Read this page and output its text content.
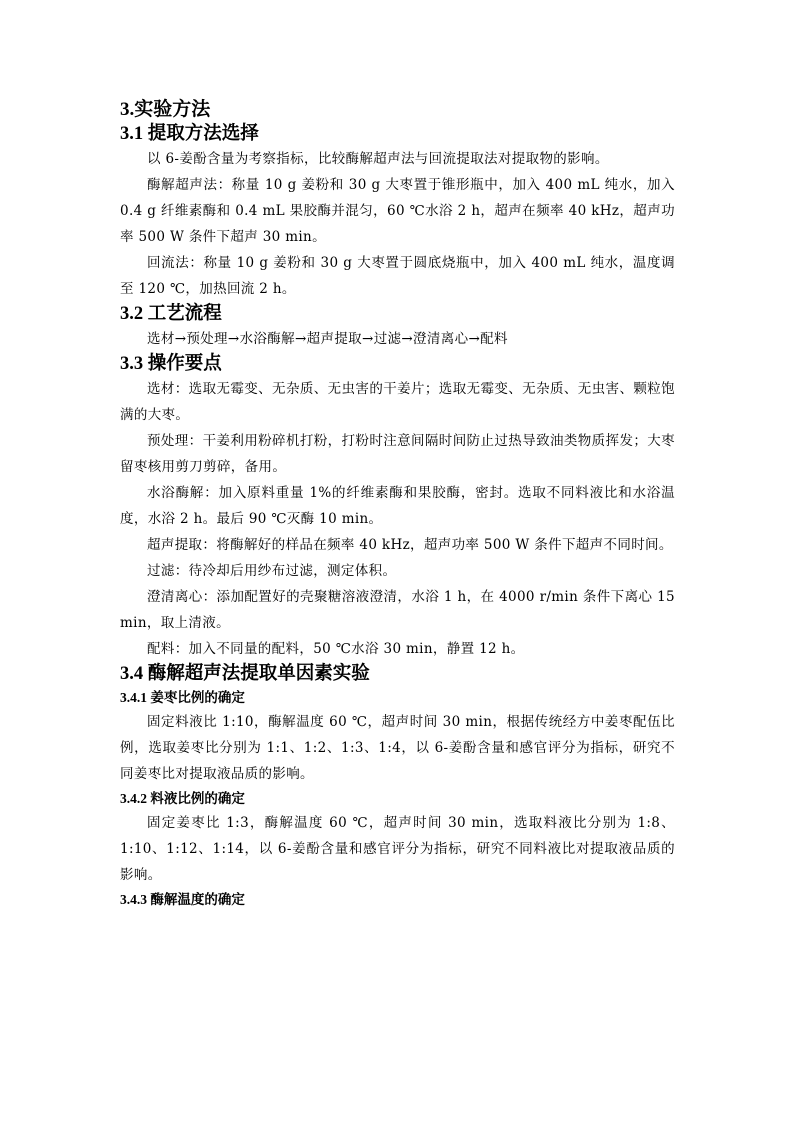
3.实验方法
3.1 提取方法选择

以 6-姜酚含量为考察指标，比较酶解超声法与回流提取法对提取物的影响。

酶解超声法：称量 10 g 姜粉和 30 g 大枣置于锥形瓶中，加入 400 mL 纯水，加入 0.4 g 纤维素酶和 0.4 mL 果胶酶并混匀，60 ℃水浴 2 h，超声在频率 40 kHz，超声功率 500 W 条件下超声 30 min。

回流法：称量 10 g 姜粉和 30 g 大枣置于圆底烧瓶中，加入 400 mL 纯水，温度调至 120 ℃，加热回流 2 h。

3.2 工艺流程

选材→预处理→水浴酶解→超声提取→过滤→澄清离心→配料

3.3 操作要点

选材：选取无霉变、无杂质、无虫害的干姜片；选取无霉变、无杂质、无虫害、颗粒饱满的大枣。

预处理：干姜利用粉碎机打粉，打粉时注意间隔时间防止过热导致油类物质挥发；大枣留枣核用剪刀剪碎，备用。

水浴酶解：加入原料重量 1%的纤维素酶和果胶酶，密封。选取不同料液比和水浴温度，水浴 2 h。最后 90 ℃灭酶 10 min。

超声提取：将酶解好的样品在频率 40 kHz，超声功率 500 W 条件下超声不同时间。

过滤：待冷却后用纱布过滤，测定体积。

澄清离心：添加配置好的壳聚糖溶液澄清，水浴 1 h，在 4000 r/min 条件下离心 15 min，取上清液。

配料：加入不同量的配料，50 ℃水浴 30 min，静置 12 h。

3.4 酶解超声法提取单因素实验
3.4.1 姜枣比例的确定

固定料液比 1:10，酶解温度 60 ℃，超声时间 30 min，根据传统经方中姜枣配伍比例，选取姜枣比分别为 1:1、1:2、1:3、1:4，以 6-姜酚含量和感官评分为指标，研究不同姜枣比对提取液品质的影响。

3.4.2 料液比例的确定

固定姜枣比 1:3，酶解温度 60 ℃，超声时间 30 min，选取料液比分别为 1:8、1:10、1:12、1:14，以 6-姜酚含量和感官评分为指标，研究不同料液比对提取液品质的影响。

3.4.3 酶解温度的确定
